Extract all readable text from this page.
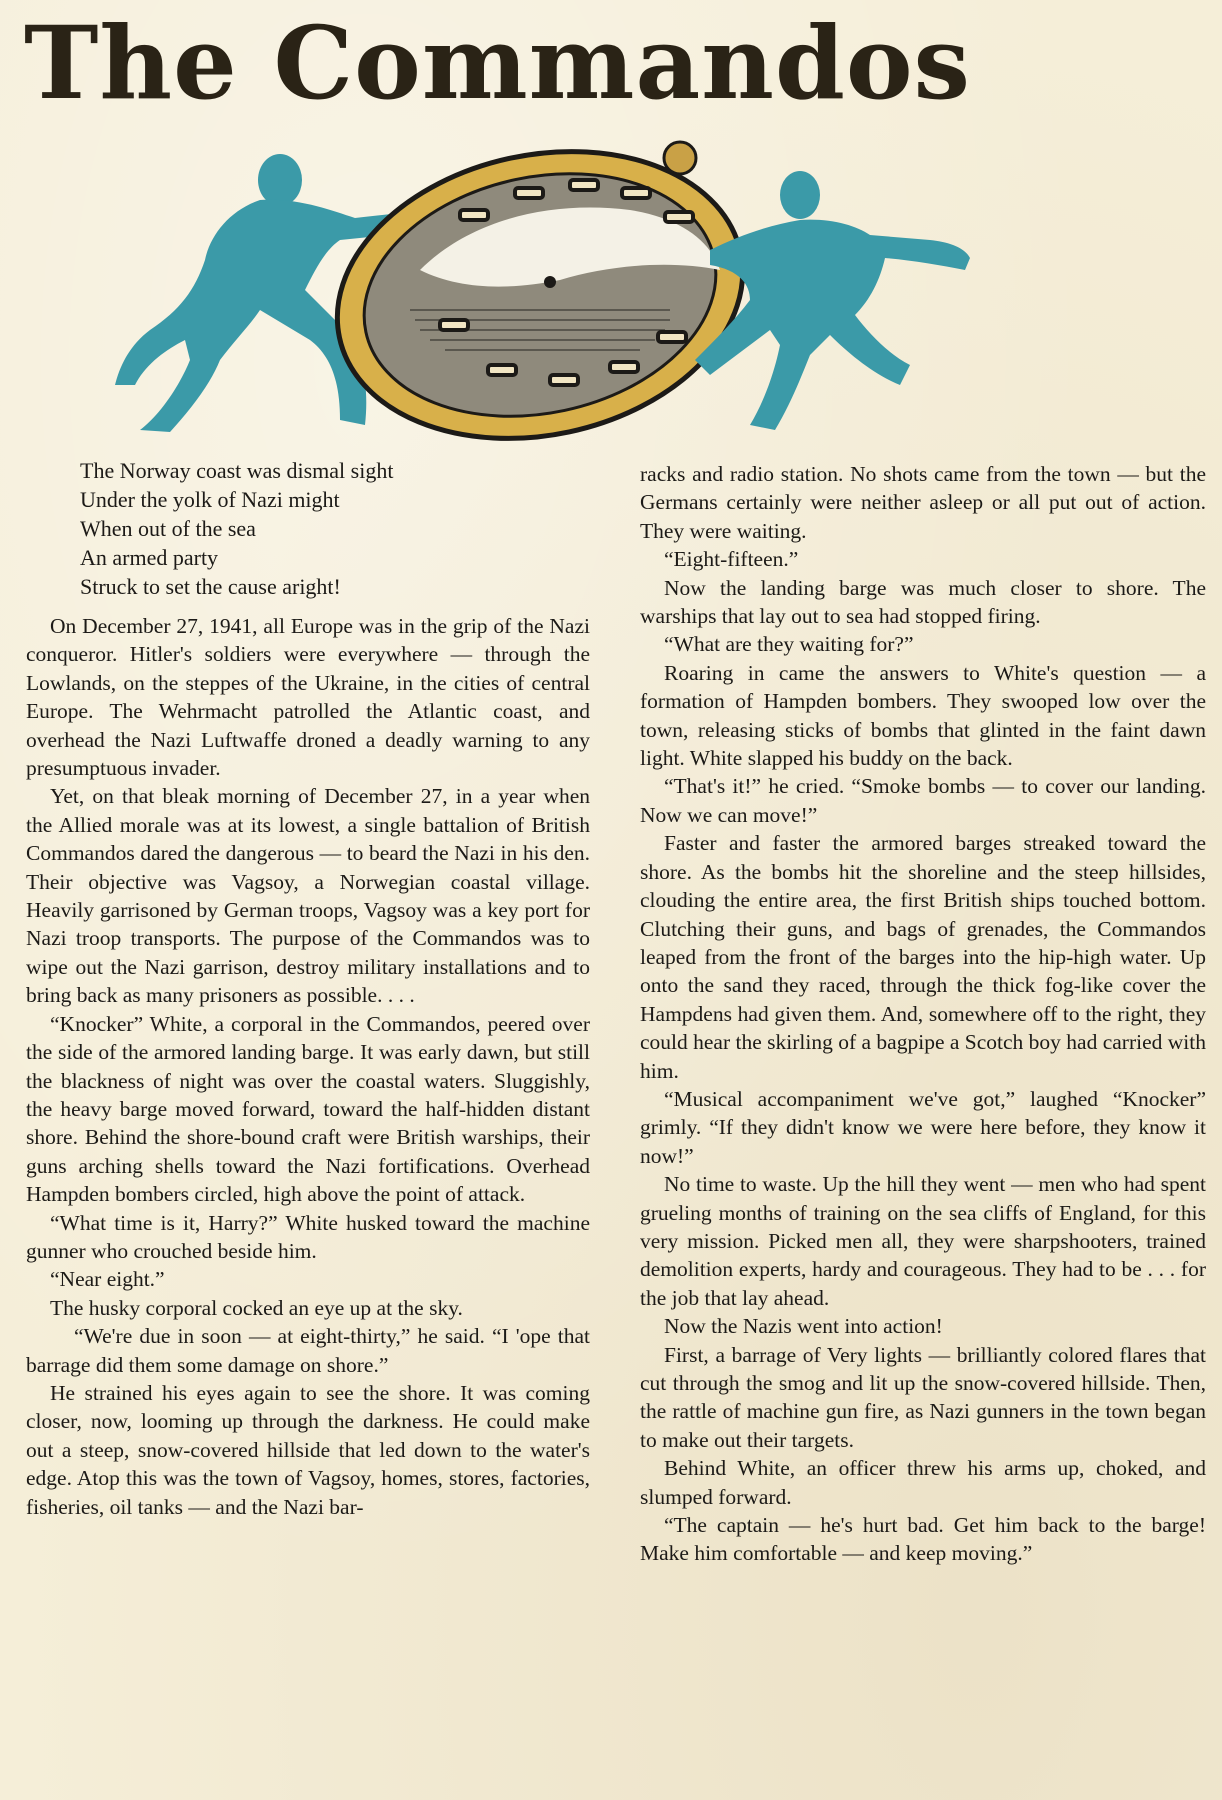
The Commandos
The Norway coast was dismal sight
Under the yolk of Nazi might
When out of the sea
An armed party
Struck to set the cause aright!

On December 27, 1941, all Europe was in the grip of the Nazi conqueror. Hitler's soldiers were everywhere — through the Lowlands, on the steppes of the Ukraine, in the cities of central Europe. The Wehrmacht patrolled the Atlantic coast, and overhead the Nazi Luftwaffe droned a deadly warning to any presumptuous invader.

Yet, on that bleak morning of December 27, in a year when the Allied morale was at its lowest, a single battalion of British Commandos dared the dangerous — to beard the Nazi in his den. Their objective was Vagsoy, a Norwegian coastal village. Heavily garrisoned by German troops, Vagsoy was a key port for Nazi troop transports. The purpose of the Commandos was to wipe out the Nazi garrison, destroy military installations and to bring back as many prisoners as possible. . . .

“Knocker” White, a corporal in the Commandos, peered over the side of the armored landing barge. It was early dawn, but still the blackness of night was over the coastal waters. Sluggishly, the heavy barge moved forward, toward the half-hidden distant shore. Behind the shore-bound craft were British warships, their guns arching shells toward the Nazi fortifications. Overhead Hampden bombers circled, high above the point of attack.

“What time is it, Harry?” White husked toward the machine gunner who crouched beside him.

“Near eight.”

The husky corporal cocked an eye up at the sky.

“We're due in soon — at eight-thirty,” he said. “I 'ope that barrage did them some damage on shore.”

He strained his eyes again to see the shore. It was coming closer, now, looming up through the darkness. He could make out a steep, snow-covered hillside that led down to the water's edge. Atop this was the town of Vagsoy, homes, stores, factories, fisheries, oil tanks — and the Nazi bar-

racks and radio station. No shots came from the town — but the Germans certainly were neither asleep or all put out of action. They were waiting.

“Eight-fifteen.”

Now the landing barge was much closer to shore. The warships that lay out to sea had stopped firing.

“What are they waiting for?”

Roaring in came the answers to White's question — a formation of Hampden bombers. They swooped low over the town, releasing sticks of bombs that glinted in the faint dawn light. White slapped his buddy on the back.

“That's it!” he cried. “Smoke bombs — to cover our landing. Now we can move!”

Faster and faster the armored barges streaked toward the shore. As the bombs hit the shoreline and the steep hillsides, clouding the entire area, the first British ships touched bottom. Clutching their guns, and bags of grenades, the Commandos leaped from the front of the barges into the hip-high water. Up onto the sand they raced, through the thick fog-like cover the Hampdens had given them. And, somewhere off to the right, they could hear the skirling of a bagpipe a Scotch boy had carried with him.

“Musical accompaniment we've got,” laughed “Knocker” grimly. “If they didn't know we were here before, they know it now!”

No time to waste. Up the hill they went — men who had spent grueling months of training on the sea cliffs of England, for this very mission. Picked men all, they were sharpshooters, trained demolition experts, hardy and courageous. They had to be . . . for the job that lay ahead.

Now the Nazis went into action!

First, a barrage of Very lights — brilliantly colored flares that cut through the smog and lit up the snow-covered hillside. Then, the rattle of machine gun fire, as Nazi gunners in the town began to make out their targets.

Behind White, an officer threw his arms up, choked, and slumped forward.

“The captain — he's hurt bad. Get him back to the barge! Make him comfortable — and keep moving.”
